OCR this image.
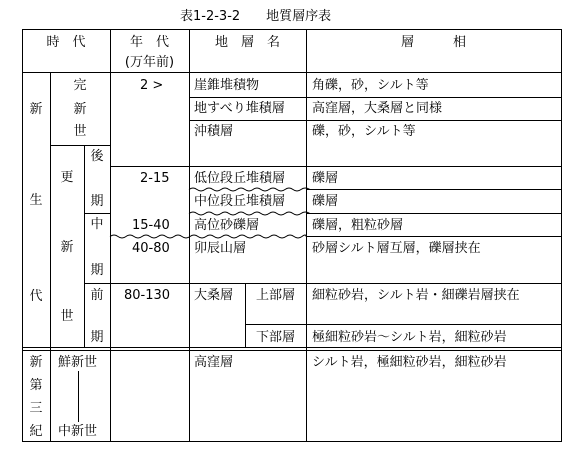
表1-2-3-2　　地質層序表
時　代	年　代
(万年前)
地　層　名	層　　　相
新
生
代
新
第
三
紀
完
新
世
更
新
世
後
期
中
期
前
期
鮮新世
中新世
2 >
2-15
15-40
40-80
80-130
崖錐堆積物
地すべり堆積層
沖積層
低位段丘堆積層
中位段丘堆積層
高位砂礫層
卯辰山層
大桑層
高窪層
上部層
下部層
角礫，砂，シルト等
高窪層，大桑層と同様
礫，砂，シルト等
礫層
礫層
礫層，粗粒砂層
砂層シルト層互層，礫層挟在
細粒砂岩，シルト岩・細礫岩層挟在
極細粒砂岩～シルト岩，細粒砂岩
シルト岩，極細粒砂岩，細粒砂岩
